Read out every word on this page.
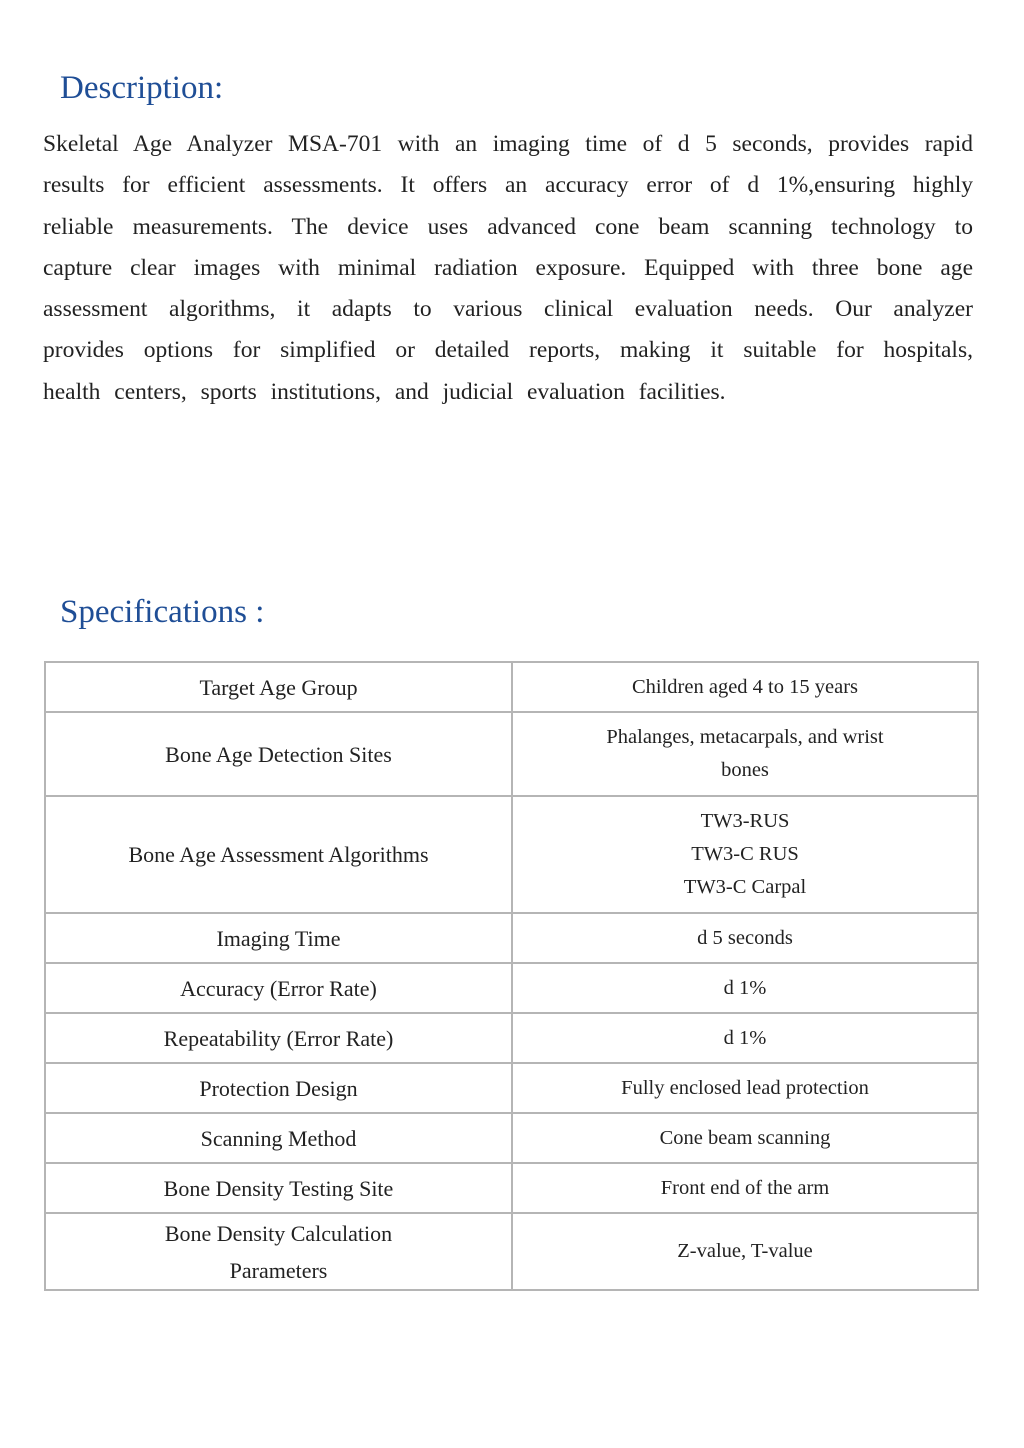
Description:

Skeletal Age Analyzer MSA-701 with an imaging time of d 5 seconds, provides rapid results for efficient assessments. It offers an accuracy error of d 1%,ensuring highly reliable measurements. The device uses advanced cone beam scanning technology to capture clear images with minimal radiation exposure. Equipped with three bone age assessment algorithms, it adapts to various clinical evaluation needs. Our analyzer provides options for simplified or detailed reports, making it suitable for hospitals, health centers, sports institutions, and judicial evaluation facilities.

Specifications :
Target Age Group	Children aged 4 to 15 years
Bone Age Detection Sites	Phalanges, metacarpals, and wrist
bones

Bone Age Assessment Algorithms	TW3-RUS
TW3-C RUS
TW3-C Carpal

Imaging Time	d 5 seconds
Accuracy (Error Rate)	d 1%
Repeatability (Error Rate)	d 1%
Protection Design	Fully enclosed lead protection
Scanning Method	Cone beam scanning
Bone Density Testing Site	Front end of the arm

Bone Density Calculation
Parameters	Z-value, T-value
